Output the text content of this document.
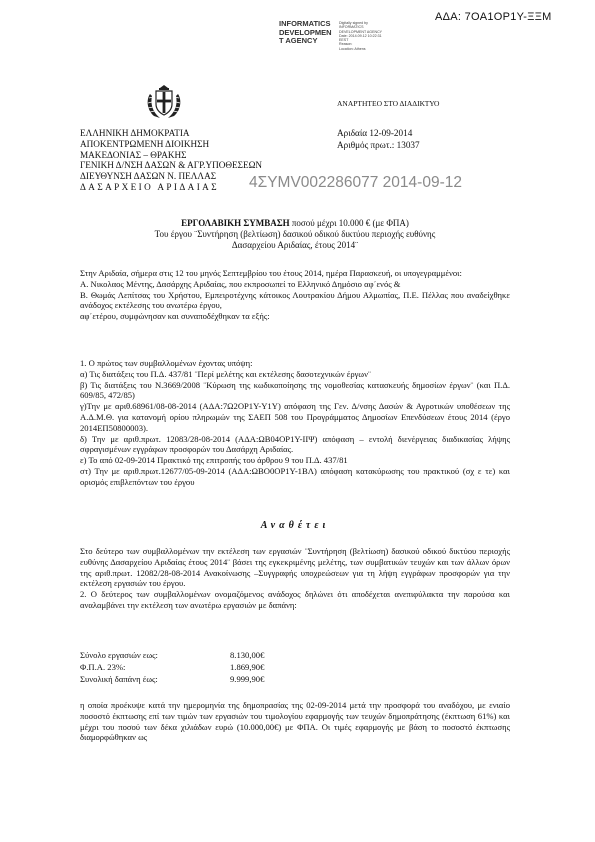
ΑΔΑ: 7ΟΑ1ΟΡ1Υ-ΞΞΜ
INFORMATICS
DEVELOPMEN
T AGENCY
Digitally signed by
INFORMATICS
DEVELOPMENT AGENCY
Date: 2014.09.12 10:22:31
EEST
Reason:
Location: Athens
ΑΝΑΡΤΗΤΕΟ ΣΤΟ ΔΙΑΔΙΚΤΥΟ
ΕΛΛΗΝΙΚΗ ΔΗΜΟΚΡΑΤΙΑ
ΑΠΟΚΕΝΤΡΩΜΕΝΗ ΔΙΟΙΚΗΣΗ
ΜΑΚΕΔΟΝΙΑΣ – ΘΡΑΚΗΣ
ΓΕΝΙΚΗ Δ/ΝΣΗ ΔΑΣΩΝ & ΑΓΡ.ΥΠΟΘΕΣΕΩΝ
ΔΙΕΥΘΥΝΣΗ ΔΑΣΩΝ Ν. ΠΕΛΛΑΣ
ΔΑΣΑΡΧΕΙΟ ΑΡΙΔΑΙΑΣ
Αριδαία 12-09-2014
Αριθμός πρωτ.: 13037
4ΣΥΜV002286077 2014-09-12
ΕΡΓΟΛΑΒΙΚΗ ΣΥΜΒΑΣΗ ποσού μέχρι 10.000 € (με ΦΠΑ)
Του έργου ¨Συντήρηση (βελτίωση) δασικού οδικού δικτύου περιοχής ευθύνης
Δασαρχείου Αριδαίας, έτους 2014¨
Στην Αριδαία, σήμερα στις 12 του μηνός Σεπτεμβρίου του έτους 2014, ημέρα Παρασκευή, οι υπογεγραμμένοι:
Α. Νικολαος Μέντης, Δασάρχης Αριδαίας, που εκπροσωπεί το Ελληνικό Δημόσιο αφ΄ενός &
Β. Θωμάς Λεπίτσας του Χρήστου, Εμπειροτέχνης κάτοικος Λουτρακίου Δήμου Αλμωπίας, Π.Ε. Πέλλας που αναδείχθηκε ανάδοχος εκτέλεσης του ανωτέρω έργου,
αφ΄ετέρου, συμφώνησαν και συναποδέχθηκαν τα εξής:
1. Ο πρώτος των συμβαλλομένων έχοντας υπόψη:
α) Τις διατάξεις του Π.Δ. 437/81 ¨Περί μελέτης και εκτέλεσης δασοτεχνικών έργων¨
β) Τις διατάξεις του Ν.3669/2008 ¨Κύρωση της κωδικοποίησης της νομοθεσίας κατασκευής δημοσίων έργων¨ (και Π.Δ. 609/85, 472/85)
γ)Την με αριθ.68961/08-08-2014 (ΑΔΑ:7Ω2ΟΡ1Υ-Υ1Υ) απόφαση της Γεν. Δ/νσης Δασών & Αγροτικών υποθέσεων της Α.Δ.Μ.Θ. για κατανομή ορίου πληρωμών της ΣΑΕΠ 508 του Προγράμματος Δημοσίων Επενδύσεων έτους 2014 (έργο 2014ΕΠ50800003).
δ) Την με αριθ.πρωτ. 12083/28-08-2014 (ΑΔΑ:ΩΒ04ΟΡ1Υ-ΙΙΨ) απόφαση – εντολή διενέργειας διαδικασίας λήψης σφραγισμένων εγγράφων προσφορών του Δασάρχη Αριδαίας.
ε) Το από 02-09-2014 Πρακτικό της επιτροπής του άρθρου 9 του Π.Δ. 437/81
στ) Την με αριθ.πρωτ.12677/05-09-2014 (ΑΔΑ:ΩΒΟ0ΟΡ1Υ-1ΒΛ) απόφαση κατακύρωσης του πρακτικού (σχ ε τε) και ορισμός επιβλεπόντων του έργου
Αναθέτει
Στο δεύτερο των συμβαλλομένων την εκτέλεση των εργασιών ¨Συντήρηση (βελτίωση) δασικού οδικού δικτύου περιοχής ευθύνης Δασαρχείου Αριδαίας έτους 2014¨ βάσει της εγκεκριμένης μελέτης, των συμβατικών τευχών και των άλλων όρων της αριθ.πρωτ. 12082/28-08-2014 Ανακοίνωσης –Συγγραφής υποχρεώσεων για τη λήψη εγγράφων προσφορών για την εκτέλεση εργασιών του έργου.
2. Ο δεύτερος των συμβαλλομένων ονομαζόμενος ανάδοχος δηλώνει ότι αποδέχεται ανεπιφύλακτα την παρούσα και αναλαμβάνει την εκτέλεση των ανωτέρω εργασιών με δαπάνη:
Σύνολο εργασιών εως:	8.130,00€
Φ.Π.Α. 23%:	1.869,90€
Συνολική δαπάνη έως:	9.999,90€
η οποία προέκυψε κατά την ημερομηνία της δημοπρασίας της 02-09-2014 μετά την προσφορά του αναδόχου, με ενιαίο ποσοστό έκπτωσης επί των τιμών των εργασιών του τιμολογίου εφαρμογής των τευχών δημοπράτησης (έκπτωση 61%) και μέχρι του ποσού των δέκα χιλιάδων ευρώ (10.000,00€) με ΦΠΑ. Οι τιμές εφαρμογής με βάση το ποσοστό έκπτωσης διαμορφώθηκαν ως
